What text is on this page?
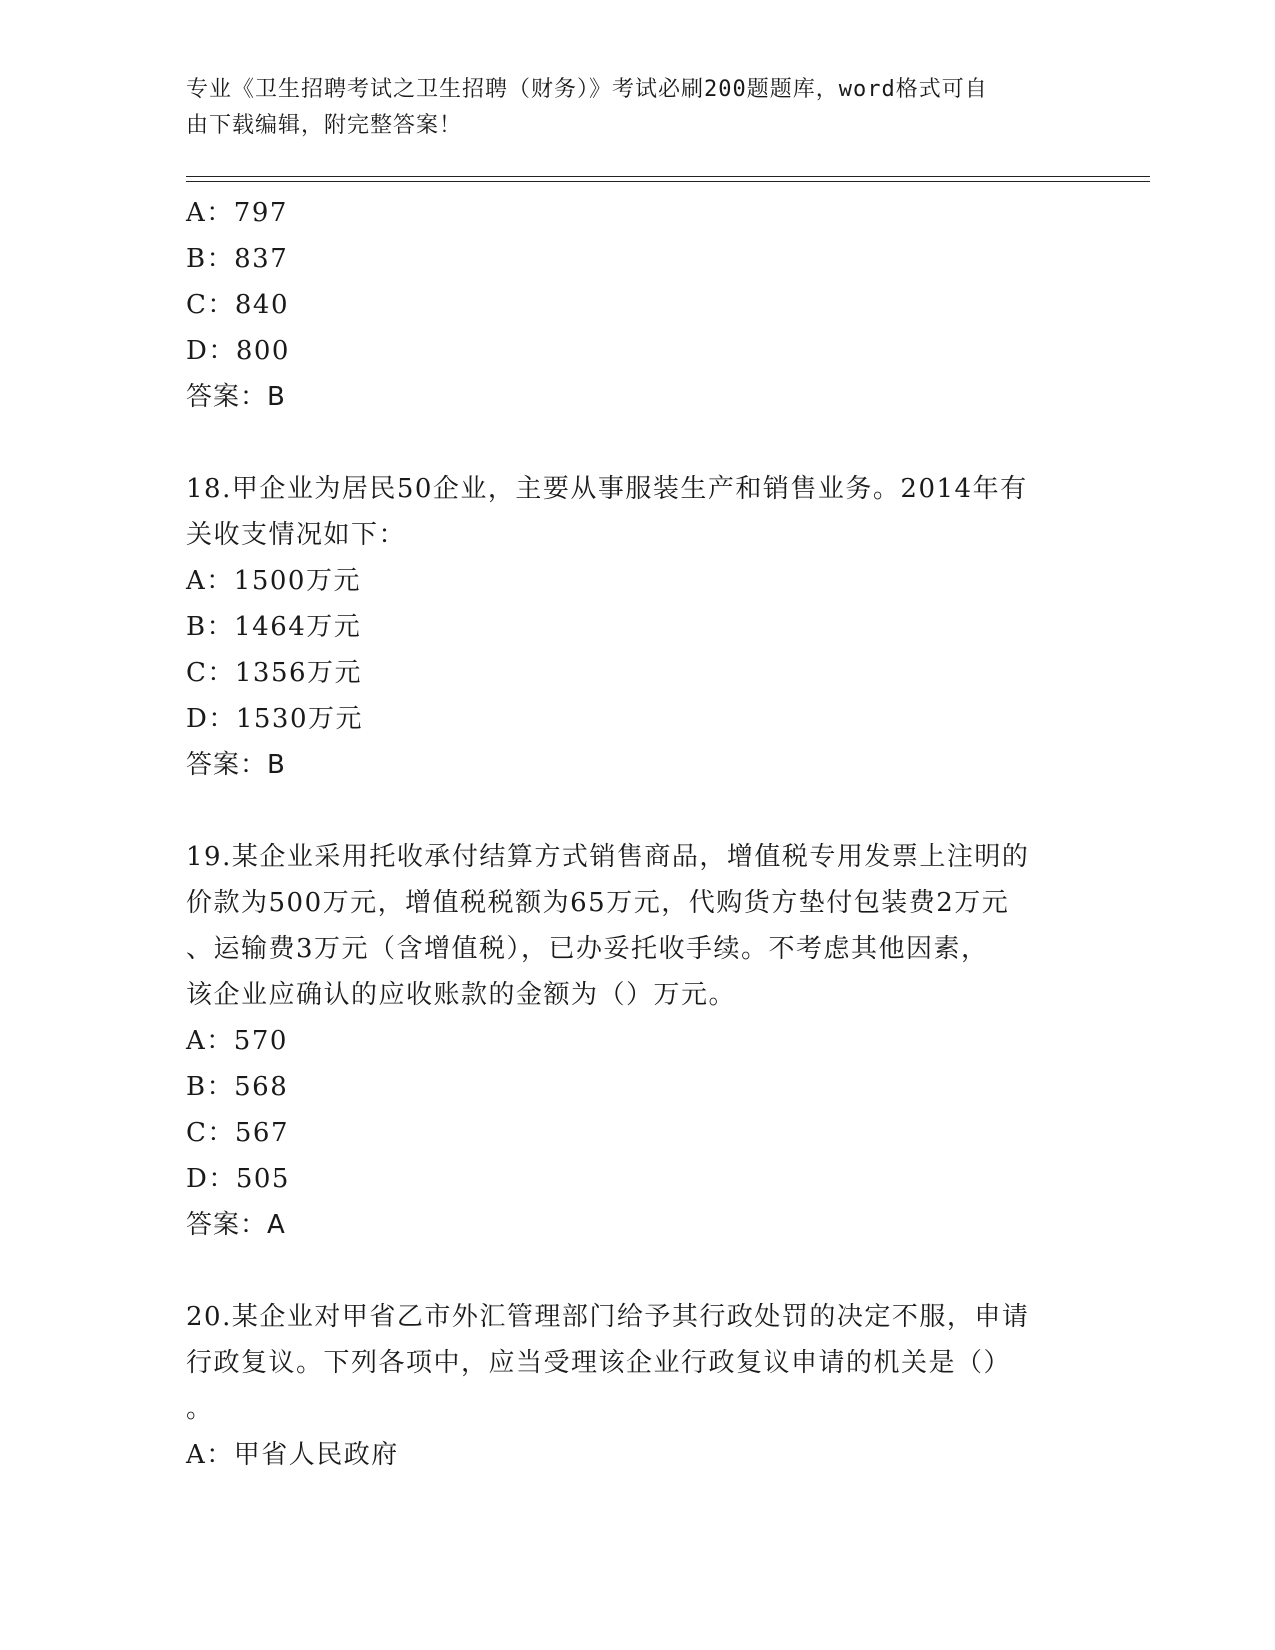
专业《卫生招聘考试之卫生招聘（财务）》考试必刷200题题库，word格式可自
由下载编辑，附完整答案！
A：797
B：837
C：840
D：800
答案：B
18.甲企业为居民50企业，主要从事服装生产和销售业务。2014年有
关收支情况如下：
A：1500万元
B：1464万元
C：1356万元
D：1530万元
答案：B
19.某企业采用托收承付结算方式销售商品，增值税专用发票上注明的
价款为500万元，增值税税额为65万元，代购货方垫付包装费2万元
、运输费3万元（含增值税），已办妥托收手续。不考虑其他因素，
该企业应确认的应收账款的金额为（）万元。
A：570
B：568
C：567
D：505
答案：A
20.某企业对甲省乙市外汇管理部门给予其行政处罚的决定不服，申请
行政复议。下列各项中，应当受理该企业行政复议申请的机关是（）
。
A：甲省人民政府
